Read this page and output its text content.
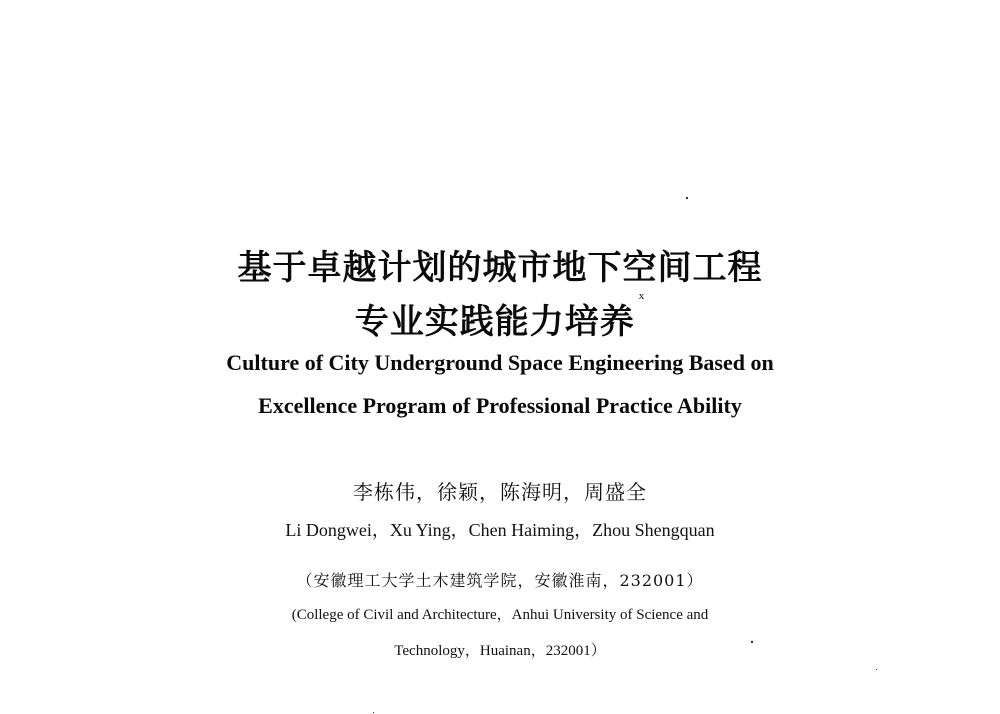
基于卓越计划的城市地下空间工程
专业实践能力培养$^x$
Culture of City Underground Space Engineering Based on
Excellence Program of Professional Practice Ability
李栋伟，徐颖，陈海明，周盛全
Li Dongwei，Xu Ying，Chen Haiming，Zhou Shengquan
（安徽理工大学土木建筑学院，安徽淮南，232001）
(College of Civil and Architecture，Anhui University of Science and
Technology，Huainan，232001）
